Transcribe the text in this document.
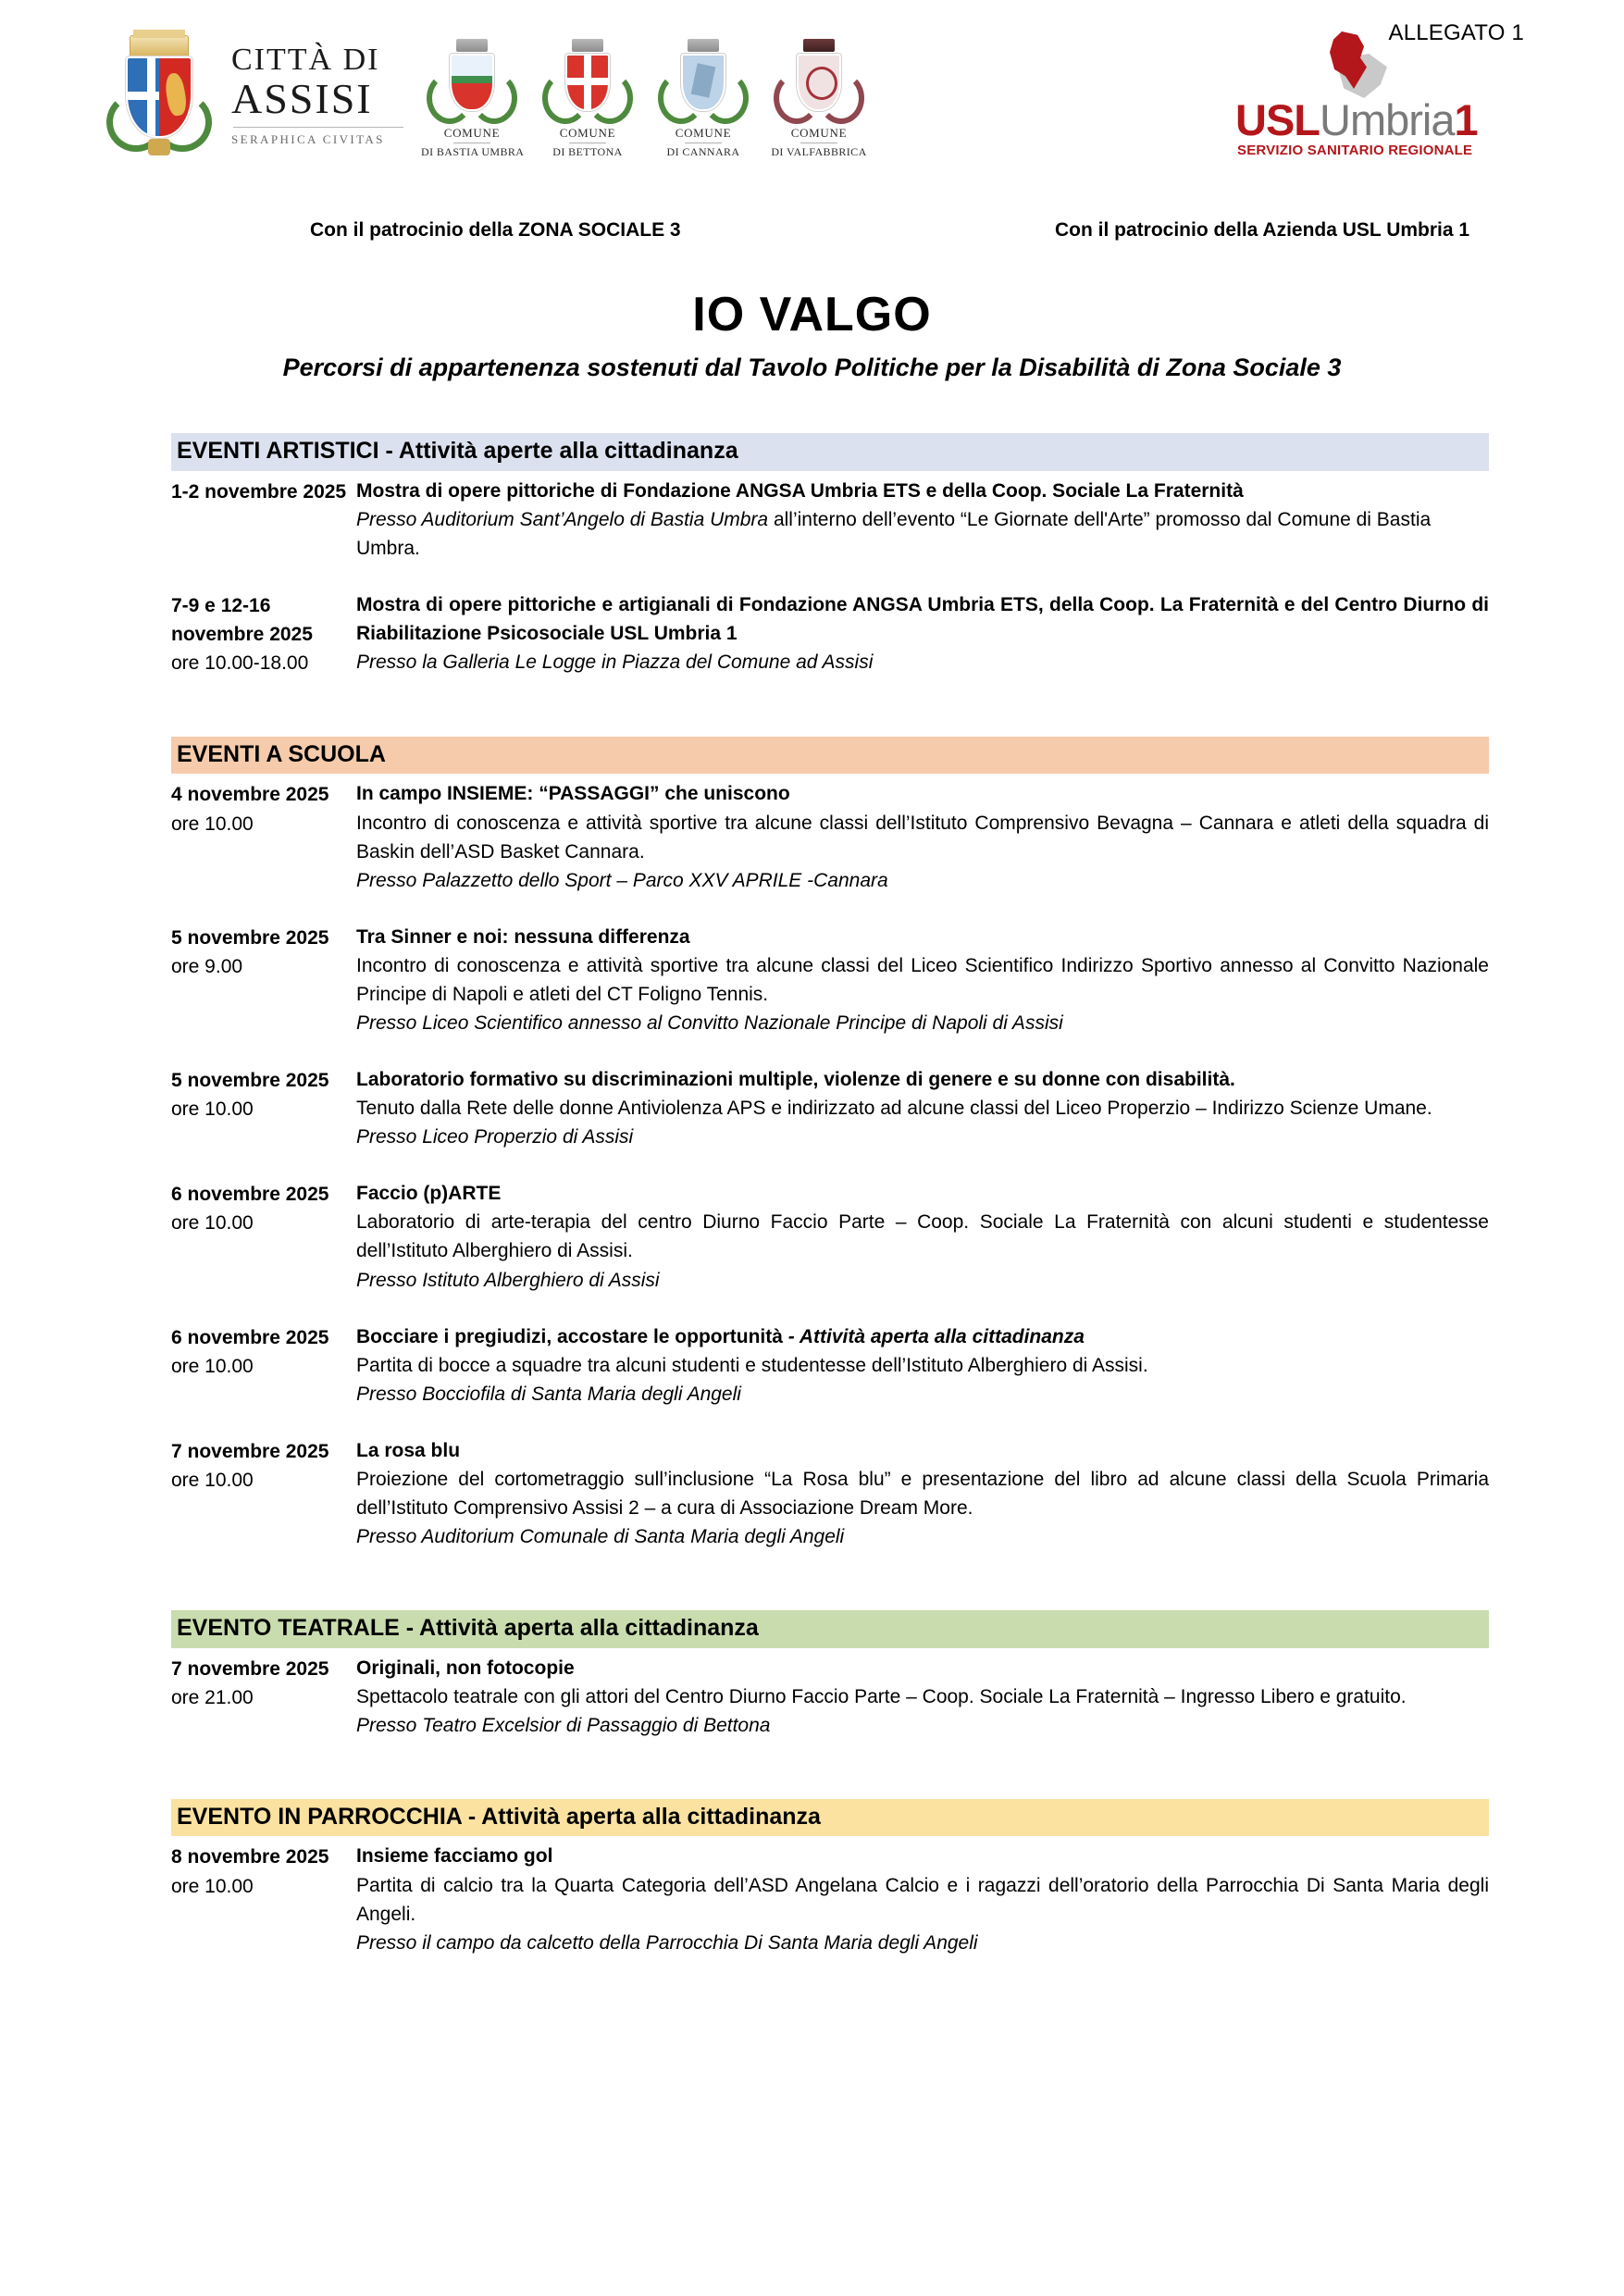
ALLEGATO 1
CITTÀ DI
ASSISI
SERAPHICA CIVITAS	COMUNE
DI BASTIA UMBRA
COMUNE
DI BETTONA
COMUNE
DI CANNARA
COMUNE
DI VALFABBRICA
USLUmbria1
SERVIZIO SANITARIO REGIONALE
Con il patrocinio della ZONA SOCIALE 3	Con il patrocinio della Azienda USL Umbria 1
IO VALGO
Percorsi di appartenenza sostenuti dal Tavolo Politiche per la Disabilità di Zona Sociale 3
EVENTI ARTISTICI - Attività aperte alla cittadinanza
1-2 novembre 2025 Mostra di opere pittoriche di Fondazione ANGSA Umbria ETS e della Coop. Sociale La Fraternità
Presso Auditorium Sant’Angelo di Bastia Umbra all’interno dell’evento “Le Giornate dell'Arte” promosso dal Comune di Bastia Umbra.
7-9 e 12-16 novembre 2025
ore 10.00-18.00
Mostra di opere pittoriche e artigianali di Fondazione ANGSA Umbria ETS, della Coop. La Fraternità e del Centro Diurno di Riabilitazione Psicosociale USL Umbria 1
Presso la Galleria Le Logge in Piazza del Comune ad Assisi
EVENTI A SCUOLA
4 novembre 2025
ore 10.00
In campo INSIEME: “PASSAGGI” che uniscono
Incontro di conoscenza e attività sportive tra alcune classi dell’Istituto Comprensivo Bevagna – Cannara e atleti della squadra di Baskin dell’ASD Basket Cannara.
Presso Palazzetto dello Sport – Parco XXV APRILE -Cannara
5 novembre 2025
ore 9.00
Tra Sinner e noi: nessuna differenza
Incontro di conoscenza e attività sportive tra alcune classi del Liceo Scientifico Indirizzo Sportivo annesso al Convitto Nazionale Principe di Napoli e atleti del CT Foligno Tennis.
Presso Liceo Scientifico annesso al Convitto Nazionale Principe di Napoli di Assisi
5 novembre 2025
ore 10.00
Laboratorio formativo su discriminazioni multiple, violenze di genere e su donne con disabilità.
Tenuto dalla Rete delle donne Antiviolenza APS e indirizzato ad alcune classi del Liceo Properzio – Indirizzo Scienze Umane.
Presso Liceo Properzio di Assisi
6 novembre 2025
ore 10.00
Faccio (p)ARTE
Laboratorio di arte-terapia del centro Diurno Faccio Parte – Coop. Sociale La Fraternità con alcuni studenti e studentesse dell’Istituto Alberghiero di Assisi.
Presso Istituto Alberghiero di Assisi
6 novembre 2025
ore 10.00
Bocciare i pregiudizi, accostare le opportunità - Attività aperta alla cittadinanza
Partita di bocce a squadre tra alcuni studenti e studentesse dell’Istituto Alberghiero di Assisi.
Presso Bocciofila di Santa Maria degli Angeli
7 novembre 2025
ore 10.00
La rosa blu
Proiezione del cortometraggio sull’inclusione “La Rosa blu” e presentazione del libro ad alcune classi della Scuola Primaria dell’Istituto Comprensivo Assisi 2 – a cura di Associazione Dream More.
Presso Auditorium Comunale di Santa Maria degli Angeli
EVENTO TEATRALE - Attività aperta alla cittadinanza
7 novembre 2025
ore 21.00
Originali, non fotocopie
Spettacolo teatrale con gli attori del Centro Diurno Faccio Parte – Coop. Sociale La Fraternità – Ingresso Libero e gratuito.
Presso Teatro Excelsior di Passaggio di Bettona
EVENTO IN PARROCCHIA - Attività aperta alla cittadinanza
8 novembre 2025
ore 10.00
Insieme facciamo gol
Partita di calcio tra la Quarta Categoria dell’ASD Angelana Calcio e i ragazzi dell’oratorio della Parrocchia Di Santa Maria degli Angeli.
Presso il campo da calcetto della Parrocchia Di Santa Maria degli Angeli
